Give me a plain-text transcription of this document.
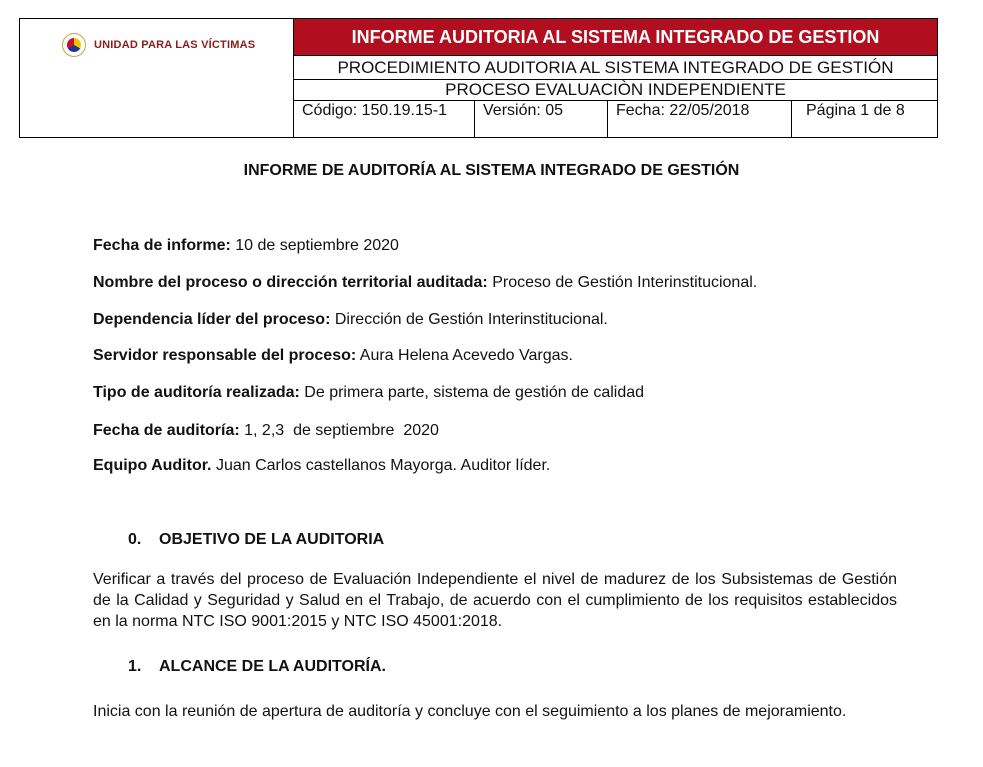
UNIDAD PARA LAS VÍCTIMAS	INFORME AUDITORIA AL SISTEMA INTEGRADO DE GESTION
PROCEDIMIENTO AUDITORIA AL SISTEMA INTEGRADO DE GESTIÓN
PROCESO EVALUACIÒN INDEPENDIENTE
Código: 150.19.15-1	Versión: 05	Fecha: 22/05/2018	Página 1 de 8
INFORME DE AUDITORÍA AL SISTEMA INTEGRADO DE GESTIÓN
Fecha de informe: 10 de septiembre 2020
Nombre del proceso o dirección territorial auditada: Proceso de Gestión Interinstitucional.
Dependencia líder del proceso: Dirección de Gestión Interinstitucional.
Servidor responsable del proceso: Aura Helena Acevedo Vargas.
Tipo de auditoría realizada: De primera parte, sistema de gestión de calidad
Fecha de auditoría: 1, 2,3  de septiembre  2020
Equipo Auditor. Juan Carlos castellanos Mayorga. Auditor líder.
0. OBJETIVO DE LA AUDITORIA
Verificar a través del proceso de Evaluación Independiente el nivel de madurez de los Subsistemas de Gestión de la Calidad y Seguridad y Salud en el Trabajo, de acuerdo con el cumplimiento de los requisitos establecidos en la norma NTC ISO 9001:2015 y NTC ISO 45001:2018.
1. ALCANCE DE LA AUDITORÍA.
Inicia con la reunión de apertura de auditoría y concluye con el seguimiento a los planes de mejoramiento.
